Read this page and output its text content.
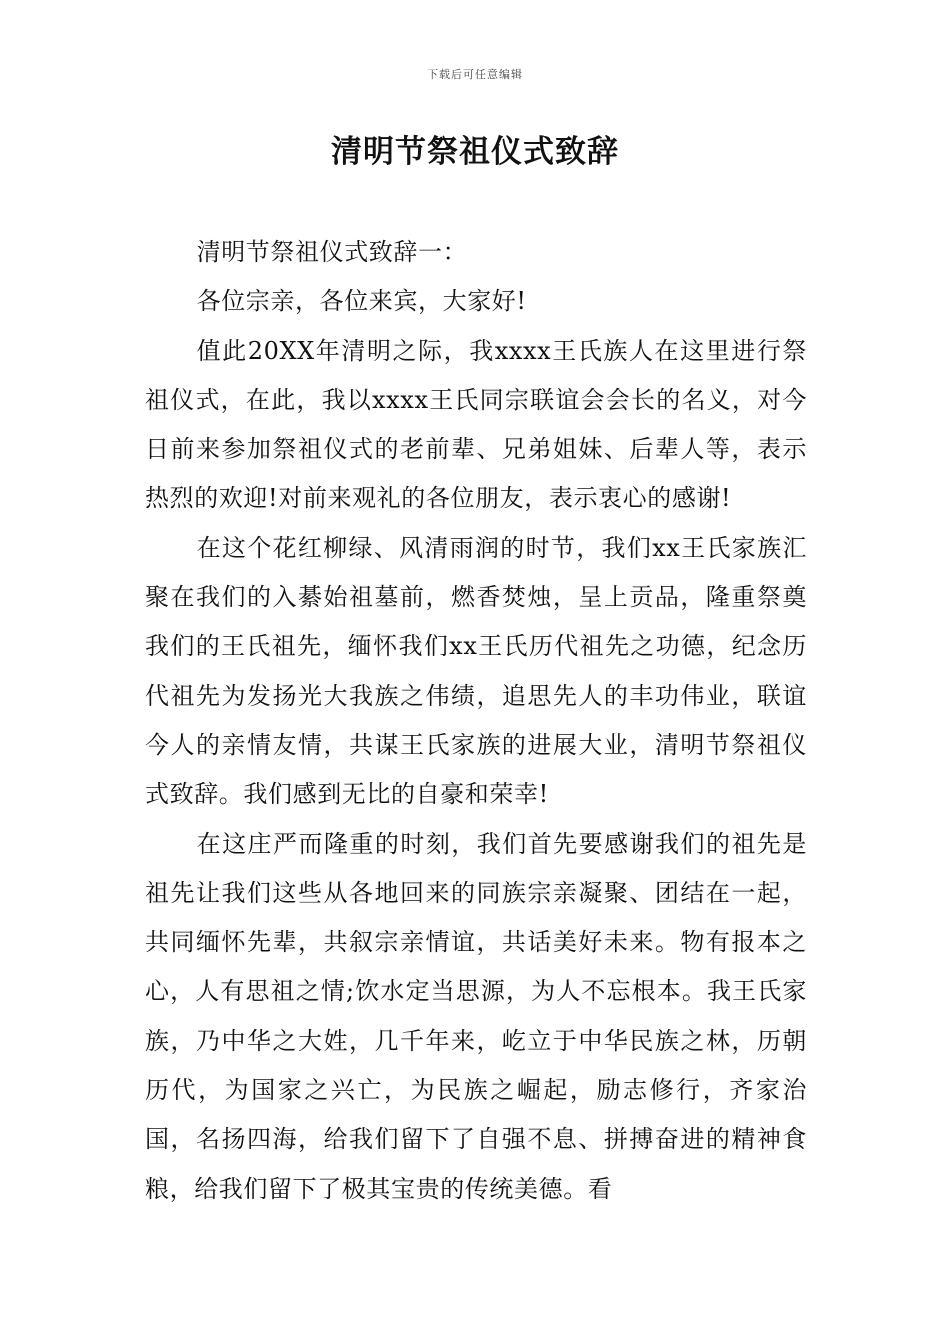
下载后可任意编辑
清明节祭祖仪式致辞

清明节祭祖仪式致辞一：

各位宗亲，各位来宾，大家好!

值此20XX年清明之际，我xxxx王氏族人在这里进行祭祖仪式，在此，我以xxxx王氏同宗联谊会会长的名义，对今日前来参加祭祖仪式的老前辈、兄弟姐妹、后辈人等，表示热烈的欢迎!对前来观礼的各位朋友，表示衷心的感谢!

在这个花红柳绿、风清雨润的时节，我们xx王氏家族汇聚在我们的入綦始祖墓前，燃香焚烛，呈上贡品，隆重祭奠我们的王氏祖先，缅怀我们xx王氏历代祖先之功德，纪念历代祖先为发扬光大我族之伟绩，追思先人的丰功伟业，联谊今人的亲情友情，共谋王氏家族的进展大业，清明节祭祖仪式致辞。我们感到无比的自豪和荣幸!

在这庄严而隆重的时刻，我们首先要感谢我们的祖先是祖先让我们这些从各地回来的同族宗亲凝聚、团结在一起，共同缅怀先辈，共叙宗亲情谊，共话美好未来。物有报本之心，人有思祖之情;饮水定当思源，为人不忘根本。我王氏家族，乃中华之大姓，几千年来，屹立于中华民族之林，历朝历代，为国家之兴亡，为民族之崛起，励志修行，齐家治国，名扬四海，给我们留下了自强不息、拼搏奋进的精神食粮，给我们留下了极其宝贵的传统美德。看
